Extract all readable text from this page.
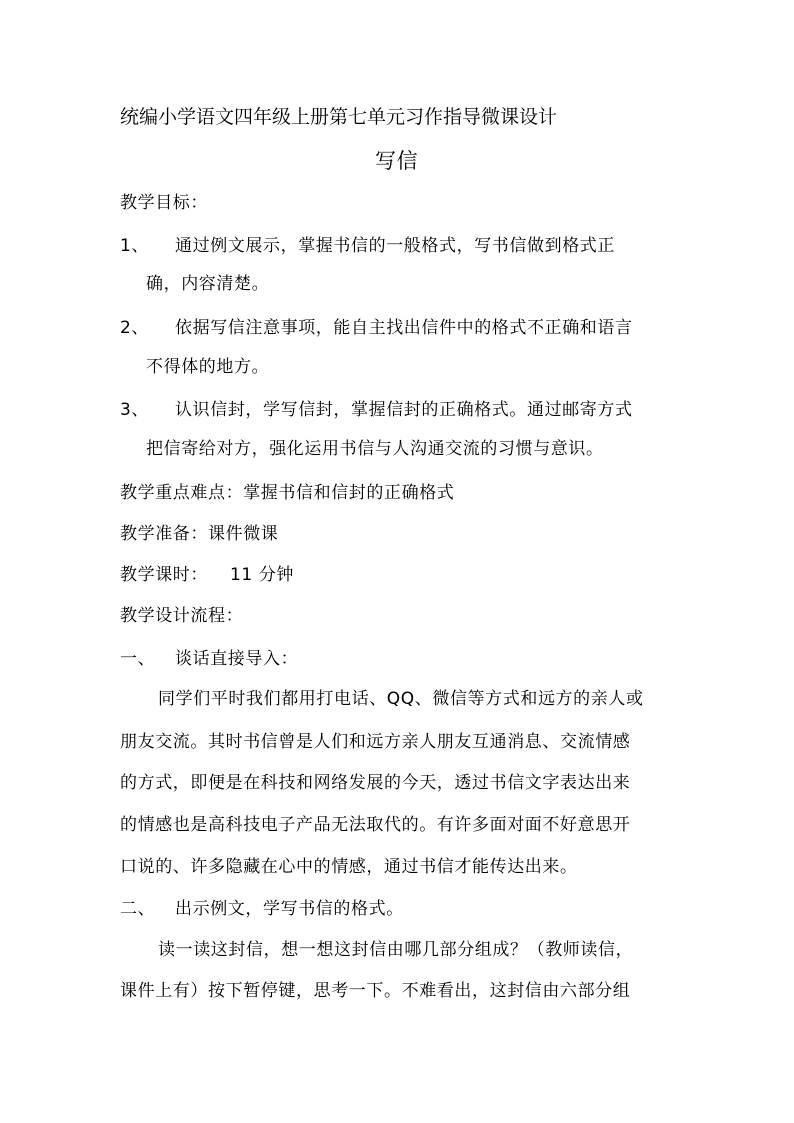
统编小学语文四年级上册第七单元习作指导微课设计
写信
教学目标：
1、 通过例文展示，掌握书信的一般格式，写书信做到格式正
确，内容清楚。
2、 依据写信注意事项，能自主找出信件中的格式不正确和语言
不得体的地方。
3、 认识信封，学写信封，掌握信封的正确格式。通过邮寄方式
把信寄给对方，强化运用书信与人沟通交流的习惯与意识。
教学重点难点：掌握书信和信封的正确格式
教学准备：课件微课
教学课时： 11 分钟
教学设计流程：
一、 谈话直接导入：
同学们平时我们都用打电话、QQ、微信等方式和远方的亲人或
朋友交流。其时书信曾是人们和远方亲人朋友互通消息、交流情感
的方式，即便是在科技和网络发展的今天，透过书信文字表达出来
的情感也是高科技电子产品无法取代的。有许多面对面不好意思开
口说的、许多隐藏在心中的情感，通过书信才能传达出来。
二、 出示例文，学写书信的格式。
读一读这封信，想一想这封信由哪几部分组成？（教师读信，
课件上有）按下暂停键，思考一下。不难看出，这封信由六部分组
